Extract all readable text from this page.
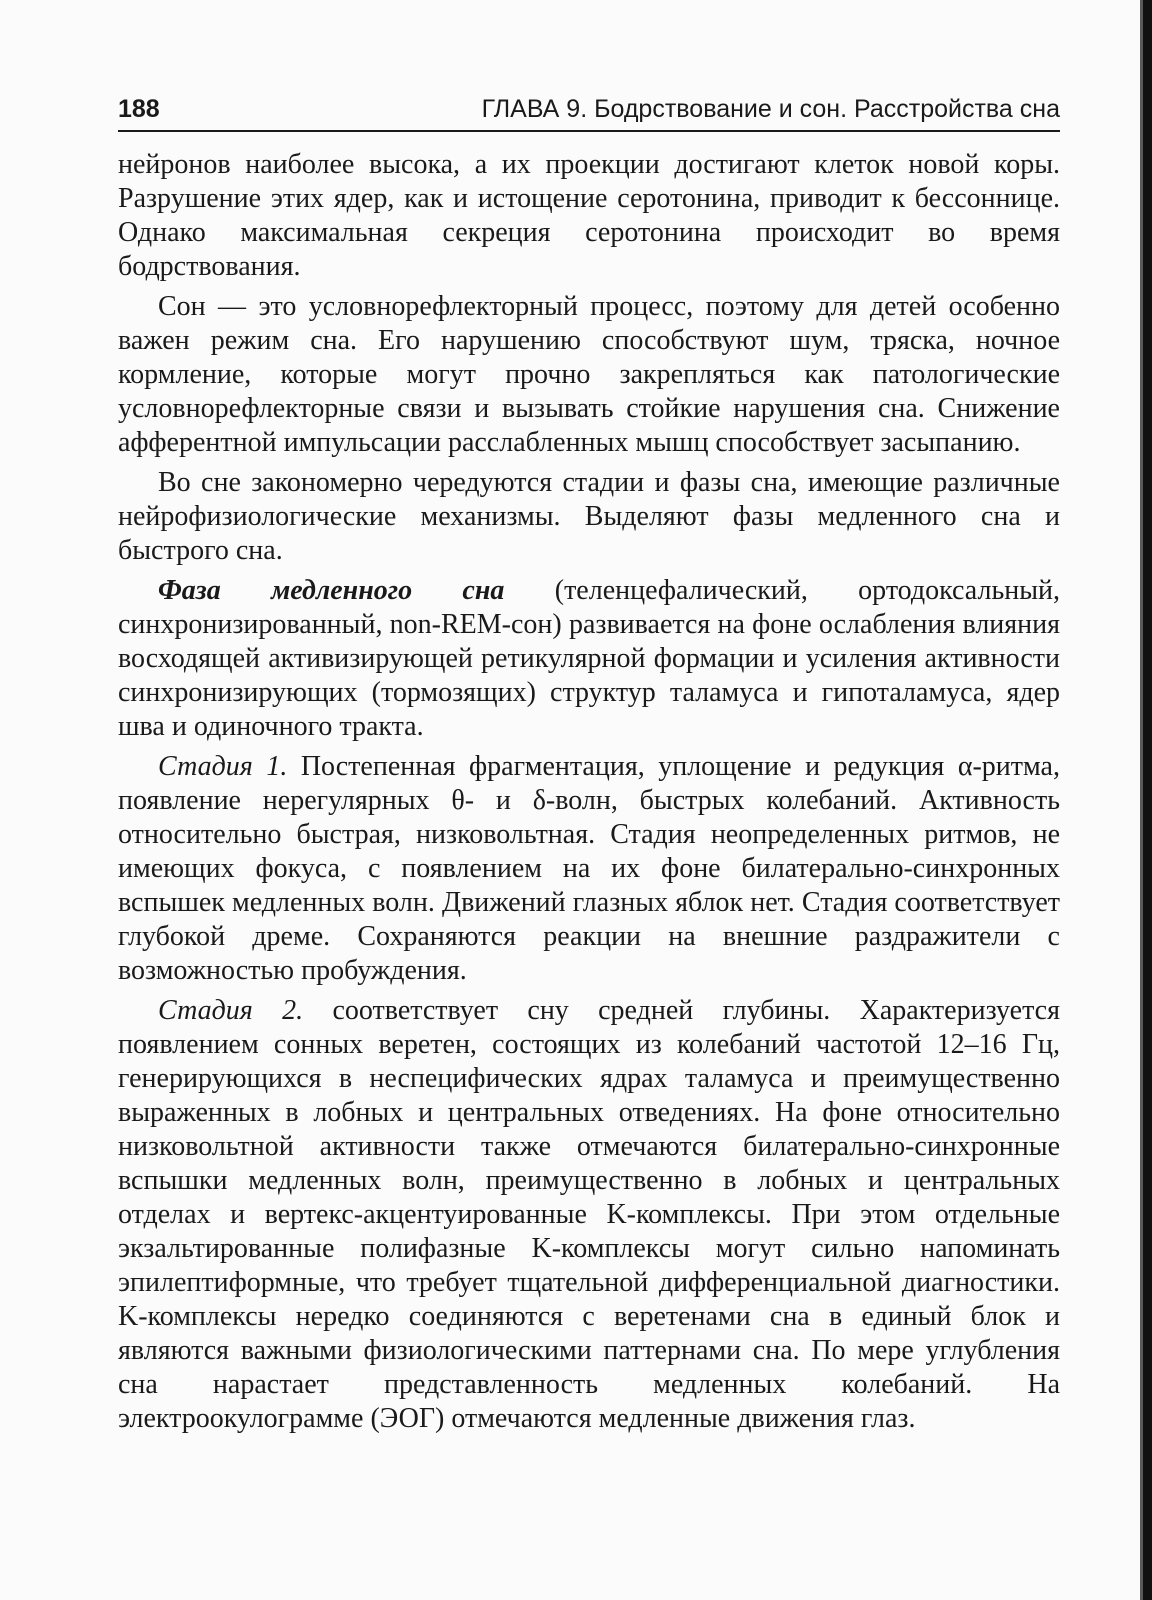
188	ГЛАВА 9. Бодрствование и сон. Расстройства сна

нейронов наиболее высока, а их проекции достигают клеток новой коры. Разрушение этих ядер, как и истощение серотонина, приводит к бессоннице. Однако максимальная секреция серотонина происходит во время бодрствования.

Сон — это условнорефлекторный процесс, поэтому для детей особенно важен режим сна. Его нарушению способствуют шум, тряска, ночное кормление, которые могут прочно закрепляться как патологические условнорефлекторные связи и вызывать стойкие нарушения сна. Снижение афферентной импульсации расслабленных мышц способствует засыпанию.

Во сне закономерно чередуются стадии и фазы сна, имеющие различные нейрофизиологические механизмы. Выделяют фазы медленного сна и быстрого сна.

Фаза медленного сна (теленцефалический, ортодоксальный, синхронизированный, non-REM-сон) развивается на фоне ослабления влияния восходящей активизирующей ретикулярной формации и усиления активности синхронизирующих (тормозящих) структур таламуса и гипоталамуса, ядер шва и одиночного тракта.

Стадия 1. Постепенная фрагментация, уплощение и редукция α-ритма, появление нерегулярных θ- и δ-волн, быстрых колебаний. Активность относительно быстрая, низковольтная. Стадия неопределенных ритмов, не имеющих фокуса, с появлением на их фоне билатерально-синхронных вспышек медленных волн. Движений глазных яблок нет. Стадия соответствует глубокой дреме. Сохраняются реакции на внешние раздражители с возможностью пробуждения.

Стадия 2. соответствует сну средней глубины. Характеризуется появлением сонных веретен, состоящих из колебаний частотой 12–16 Гц, генерирующихся в неспецифических ядрах таламуса и преимущественно выраженных в лобных и центральных отведениях. На фоне относительно низковольтной активности также отмечаются билатерально-синхронные вспышки медленных волн, преимущественно в лобных и центральных отделах и вертекс-акцентуированные K-комплексы. При этом отдельные экзальтированные полифазные K-комплексы могут сильно напоминать эпилептиформные, что требует тщательной дифференциальной диагностики. K-комплексы нередко соединяются с веретенами сна в единый блок и являются важными физиологическими паттернами сна. По мере углубления сна нарастает представленность медленных колебаний. На электроокулограмме (ЭОГ) отмечаются медленные движения глаз.
